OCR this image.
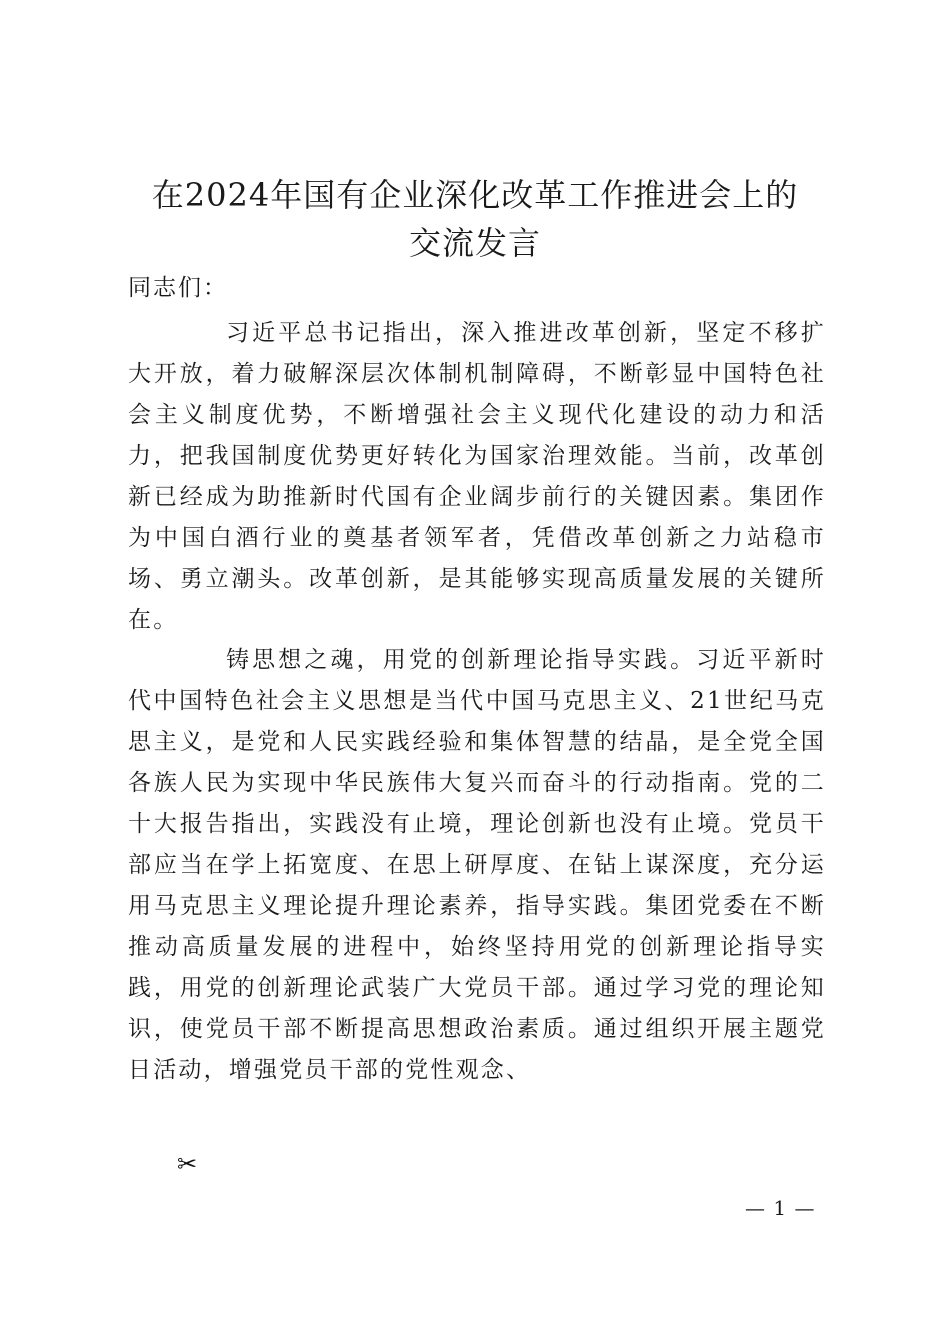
在2024年国有企业深化改革工作推进会上的
交流发言
同志们：

习近平总书记指出，深入推进改革创新，坚定不移扩大开放，着力破解深层次体制机制障碍，不断彰显中国特色社会主义制度优势，不断增强社会主义现代化建设的动力和活力，把我国制度优势更好转化为国家治理效能。当前，改革创新已经成为助推新时代国有企业阔步前行的关键因素。集团作为中国白酒行业的奠基者领军者，凭借改革创新之力站稳市场、勇立潮头。改革创新，是其能够实现高质量发展的关键所在。

铸思想之魂，用党的创新理论指导实践。习近平新时代中国特色社会主义思想是当代中国马克思主义、21世纪马克思主义，是党和人民实践经验和集体智慧的结晶，是全党全国各族人民为实现中华民族伟大复兴而奋斗的行动指南。党的二十大报告指出，实践没有止境，理论创新也没有止境。党员干部应当在学上拓宽度、在思上研厚度、在钻上谋深度，充分运用马克思主义理论提升理论素养，指导实践。集团党委在不断推动高质量发展的进程中，始终坚持用党的创新理论指导实践，用党的创新理论武装广大党员干部。通过学习党的理论知识，使党员干部不断提高思想政治素质。通过组织开展主题党日活动，增强党员干部的党性观念、

✂
— 1 —
